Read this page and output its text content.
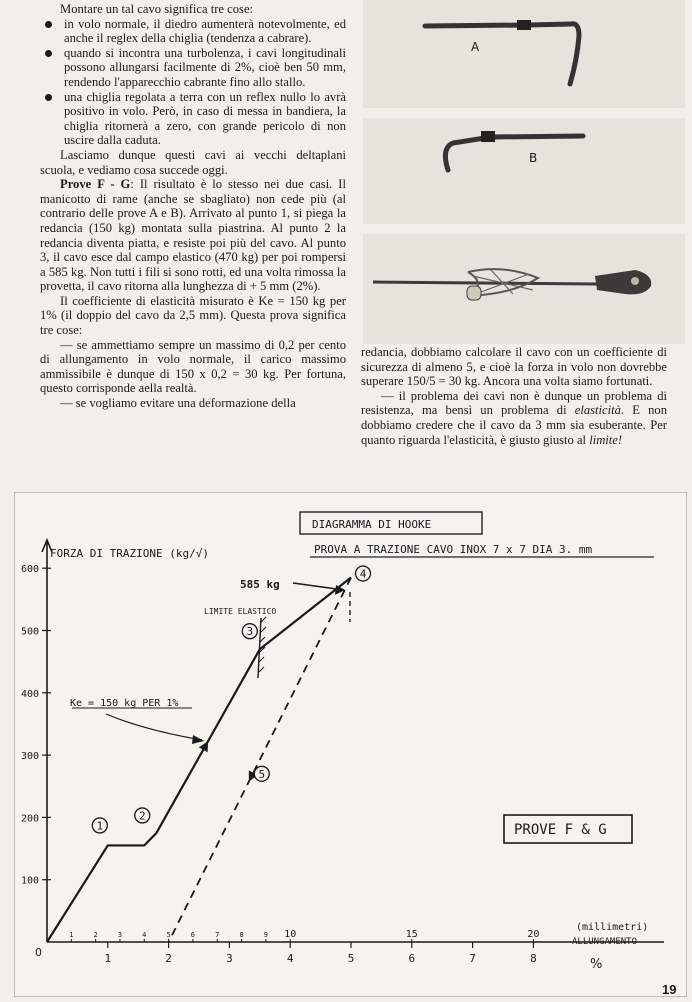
Montare un tal cavo significa tre cose:

in volo normale, il diedro aumenterà notevolmente, ed anche il reglex della chiglia (tendenza a cabrare).

quando si incontra una turbolenza, i cavi longitudinali possono allungarsi facilmente di 2%, cioè ben 50 mm, rendendo l'apparecchio cabrante fino allo stallo.

una chiglia regolata a terra con un reflex nullo lo avrà positivo in volo. Però, in caso di messa in bandiera, la chiglia ritornerà a zero, con grande pericolo di non uscire dalla caduta.

Lasciamo dunque questi cavi ai vecchi deltaplani scuola, e vediamo cosa succede oggi.

Prove F - G: Il risultato è lo stesso nei due casi. Il manicotto di rame (anche se sbagliato) non cede più (al contrario delle prove A e B). Arrivato al punto 1, si piega la redancia (150 kg) montata sulla piastrina. Al punto 2 la redancia diventa piatta, e resiste poi più del cavo. Al punto 3, il cavo esce dal campo elastico (470 kg) per poi rompersi a 585 kg. Non tutti i fili si sono rotti, ed una volta rimossa la provetta, il cavo ritorna alla lunghezza di + 5 mm (2%).

Il coefficiente di elasticità misurato è Ke = 150 kg per 1% (il doppio del cavo da 2,5 mm). Questa prova significa tre cose:

— se ammettiamo sempre un massimo di 0,2 per cento di allungamento in volo normale, il carico massimo ammissibile è dunque di 150 x 0,2 = 30 kg. Per fortuna, questo corrisponde aella realtà.

— se vogliamo evitare una deformazione della

A
B

redancia, dobbiamo calcolare il cavo con un coefficiente di sicurezza di almeno 5, e cioè la forza in volo non dovrebbe superare 150/5 = 30 kg. Ancora una volta siamo fortunati.

— il problema dei cavi non è dunque un problema di resistenza, ma bensì un problema di elasticità. E non dobbiamo credere che il cavo da 3 mm sia esuberante. Per quanto riguarda l'elasticità, è giusto giusto al limite!

DIAGRAMMA DI HOOKE
PROVA A TRAZIONE CAVO INOX 7 x 7 DIA 3. mm
FORZA DI TRAZIONE (kg/√)
100
200
300
400
500
600
1	2	3	4	5	6	7	8
1	2	3	4	5	6	7	8	9 10	15	20
0
(millimetri)
ALLUNGAMENTO
%
LIMITE ELASTICO
585 kg
Ke = 150 kg PER 1%
1
2
3
4
5
PROVE F & G
19
